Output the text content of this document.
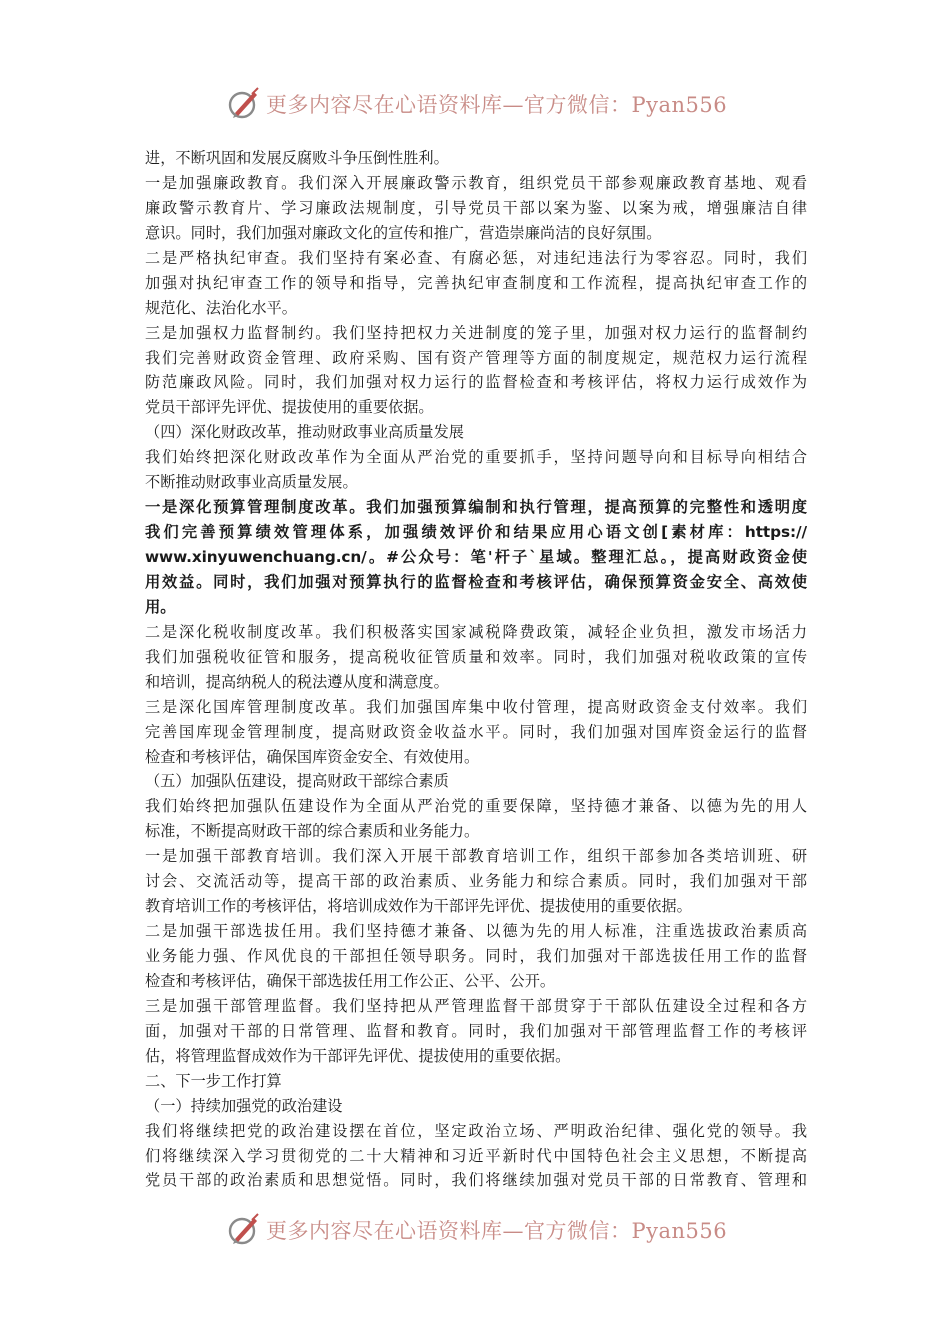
更多内容尽在心语资料库—官方微信：Pyan556
进，不断巩固和发展反腐败斗争压倒性胜利。
一是加强廉政教育。我们深入开展廉政警示教育，组织党员干部参观廉政教育基地、观看
廉政警示教育片、学习廉政法规制度，引导党员干部以案为鉴、以案为戒，增强廉洁自律
意识。同时，我们加强对廉政文化的宣传和推广，营造崇廉尚洁的良好氛围。
二是严格执纪审查。我们坚持有案必查、有腐必惩，对违纪违法行为零容忍。同时，我们
加强对执纪审查工作的领导和指导，完善执纪审查制度和工作流程，提高执纪审查工作的
规范化、法治化水平。
三是加强权力监督制约。我们坚持把权力关进制度的笼子里，加强对权力运行的监督制约
我们完善财政资金管理、政府采购、国有资产管理等方面的制度规定，规范权力运行流程
防范廉政风险。同时，我们加强对权力运行的监督检查和考核评估，将权力运行成效作为
党员干部评先评优、提拔使用的重要依据。
（四）深化财政改革，推动财政事业高质量发展
我们始终把深化财政改革作为全面从严治党的重要抓手，坚持问题导向和目标导向相结合
不断推动财政事业高质量发展。
一是深化预算管理制度改革。我们加强预算编制和执行管理，提高预算的完整性和透明度
我们完善预算绩效管理体系，加强绩效评价和结果应用心语文创[素材库：https://
www.xinyuwenchuang.cn/。#公众号：笔'杆子`星域。整理汇总。，提高财政资金使
用效益。同时，我们加强对预算执行的监督检查和考核评估，确保预算资金安全、高效使
用。
二是深化税收制度改革。我们积极落实国家减税降费政策，减轻企业负担，激发市场活力
我们加强税收征管和服务，提高税收征管质量和效率。同时，我们加强对税收政策的宣传
和培训，提高纳税人的税法遵从度和满意度。
三是深化国库管理制度改革。我们加强国库集中收付管理，提高财政资金支付效率。我们
完善国库现金管理制度，提高财政资金收益水平。同时，我们加强对国库资金运行的监督
检查和考核评估，确保国库资金安全、有效使用。
（五）加强队伍建设，提高财政干部综合素质
我们始终把加强队伍建设作为全面从严治党的重要保障，坚持德才兼备、以德为先的用人
标准，不断提高财政干部的综合素质和业务能力。
一是加强干部教育培训。我们深入开展干部教育培训工作，组织干部参加各类培训班、研
讨会、交流活动等，提高干部的政治素质、业务能力和综合素质。同时，我们加强对干部
教育培训工作的考核评估，将培训成效作为干部评先评优、提拔使用的重要依据。
二是加强干部选拔任用。我们坚持德才兼备、以德为先的用人标准，注重选拔政治素质高
业务能力强、作风优良的干部担任领导职务。同时，我们加强对干部选拔任用工作的监督
检查和考核评估，确保干部选拔任用工作公正、公平、公开。
三是加强干部管理监督。我们坚持把从严管理监督干部贯穿于干部队伍建设全过程和各方
面，加强对干部的日常管理、监督和教育。同时，我们加强对干部管理监督工作的考核评
估，将管理监督成效作为干部评先评优、提拔使用的重要依据。
二、下一步工作打算
（一）持续加强党的政治建设
我们将继续把党的政治建设摆在首位，坚定政治立场、严明政治纪律、强化党的领导。我
们将继续深入学习贯彻党的二十大精神和习近平新时代中国特色社会主义思想，不断提高
党员干部的政治素质和思想觉悟。同时，我们将继续加强对党员干部的日常教育、管理和
更多内容尽在心语资料库—官方微信：Pyan556
